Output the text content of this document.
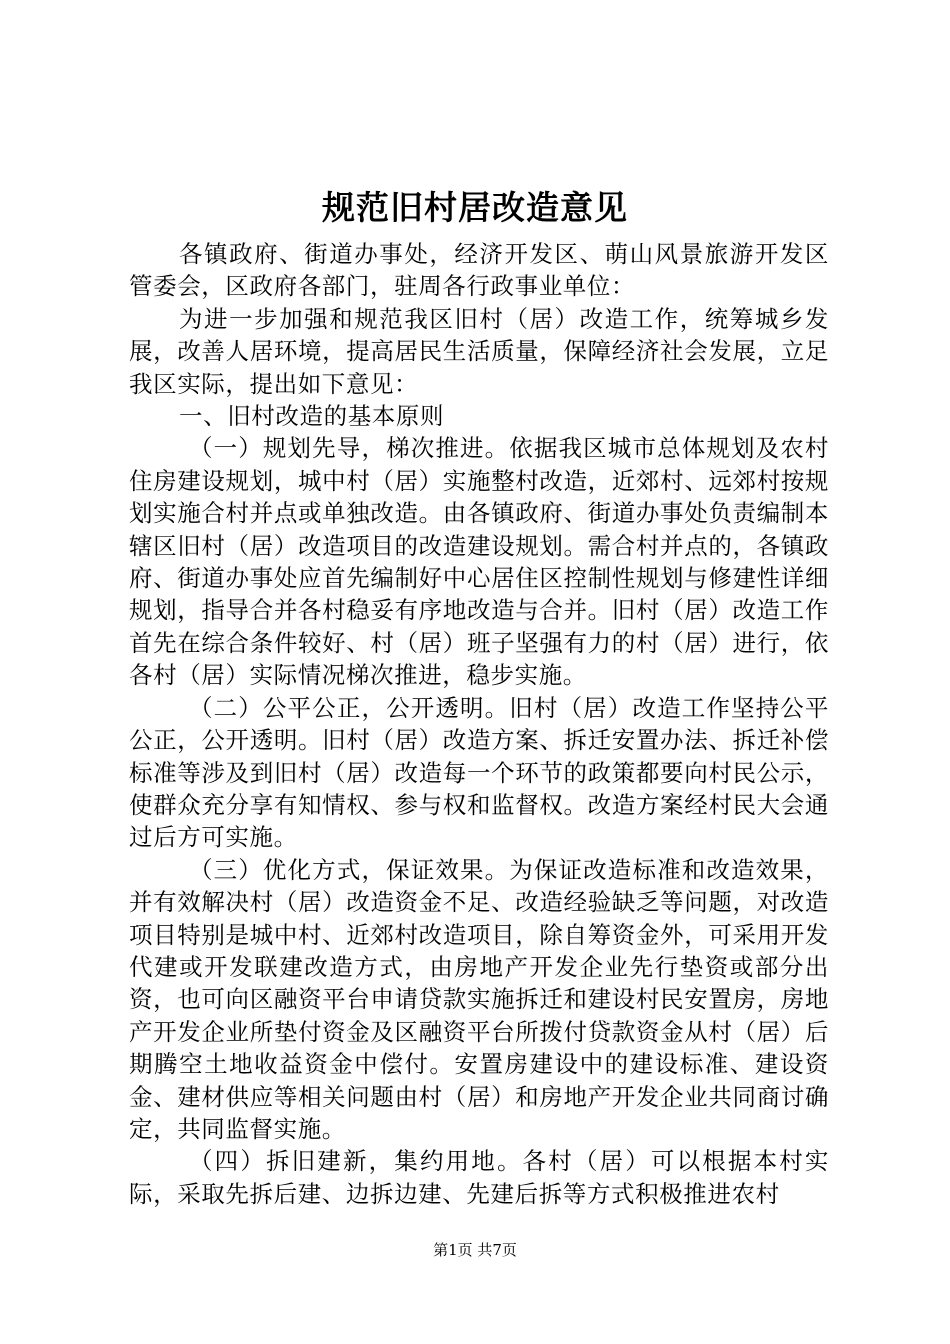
规范旧村居改造意见

各镇政府、街道办事处，经济开发区、萌山风景旅游开发区管委会，区政府各部门，驻周各行政事业单位：

为进一步加强和规范我区旧村（居）改造工作，统筹城乡发展，改善人居环境，提高居民生活质量，保障经济社会发展，立足我区实际，提出如下意见：

一、旧村改造的基本原则

（一）规划先导，梯次推进。依据我区城市总体规划及农村住房建设规划，城中村（居）实施整村改造，近郊村、远郊村按规划实施合村并点或单独改造。由各镇政府、街道办事处负责编制本辖区旧村（居）改造项目的改造建设规划。需合村并点的，各镇政府、街道办事处应首先编制好中心居住区控制性规划与修建性详细规划，指导合并各村稳妥有序地改造与合并。旧村（居）改造工作首先在综合条件较好、村（居）班子坚强有力的村（居）进行，依各村（居）实际情况梯次推进，稳步实施。

（二）公平公正，公开透明。旧村（居）改造工作坚持公平公正，公开透明。旧村（居）改造方案、拆迁安置办法、拆迁补偿标准等涉及到旧村（居）改造每一个环节的政策都要向村民公示，使群众充分享有知情权、参与权和监督权。改造方案经村民大会通过后方可实施。

（三）优化方式，保证效果。为保证改造标准和改造效果，并有效解决村（居）改造资金不足、改造经验缺乏等问题，对改造项目特别是城中村、近郊村改造项目，除自筹资金外，可采用开发代建或开发联建改造方式，由房地产开发企业先行垫资或部分出资，也可向区融资平台申请贷款实施拆迁和建设村民安置房，房地产开发企业所垫付资金及区融资平台所拨付贷款资金从村（居）后期腾空土地收益资金中偿付。安置房建设中的建设标准、建设资金、建材供应等相关问题由村（居）和房地产开发企业共同商讨确定，共同监督实施。

（四）拆旧建新，集约用地。各村（居）可以根据本村实际，采取先拆后建、边拆边建、先建后拆等方式积极推进农村

第1页 共7页
